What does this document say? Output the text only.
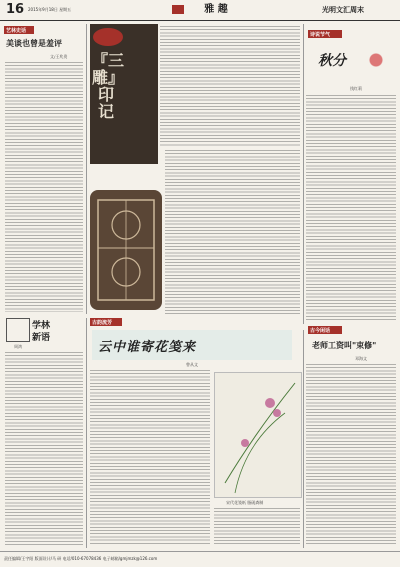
16 2015年9月18日 星期五	雅 趣	光明文汇周末
艺林史话
美谈也曾是羞评
文/王兆贵 『三
雕』
印记
诗说节气
秋分
钱红莉
学林
新语
周鸿
古韵流芳
云中谁寄花笺来
曾从文
宋代花笺纸 脂砚斋制
古今闲话
老师工资叫"束修"
邓海文
责任编辑/王宇阳 版面设计/马 研 电话/010-67078436 电子邮箱/gmjmzk@126.com
